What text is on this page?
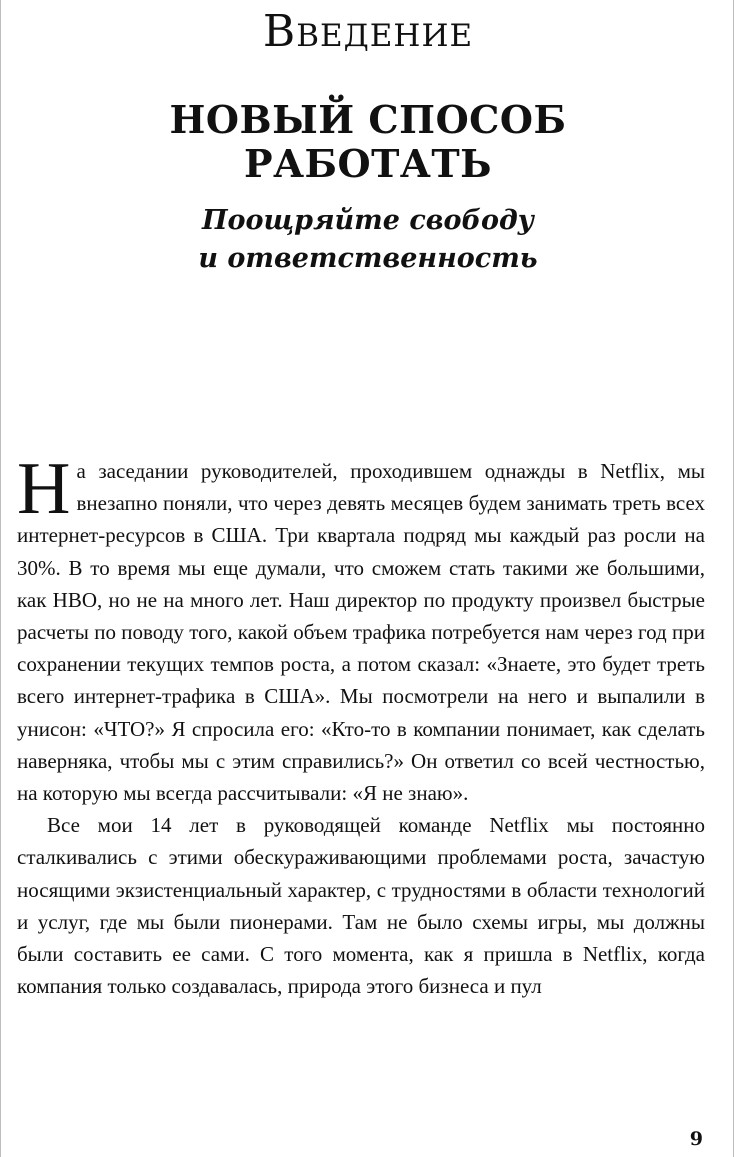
Введение
НОВЫЙ СПОСОБ
РАБОТАТЬ
Поощряйте свободу
и ответственность

На заседании руководителей, проходившем однажды в Netflix, мы внезапно поняли, что через девять месяцев будем занимать треть всех интернет-ресурсов в США. Три квартала подряд мы каждый раз росли на 30%. В то время мы еще думали, что сможем стать такими же большими, как HBO, но не на много лет. Наш директор по продукту произвел быстрые расчеты по поводу того, какой объем трафика потребуется нам через год при сохранении текущих темпов роста, а потом сказал: «Знаете, это будет треть всего интернет-трафика в США». Мы посмотрели на него и выпалили в унисон: «ЧТО?» Я спросила его: «Кто-то в компании понимает, как сделать наверняка, чтобы мы с этим справились?» Он ответил со всей честностью, на которую мы всегда рассчитывали: «Я не знаю».

Все мои 14 лет в руководящей команде Netflix мы постоянно сталкивались с этими обескураживающими проблемами роста, зачастую носящими экзистенциальный характер, с трудностями в области технологий и услуг, где мы были пионерами. Там не было схемы игры, мы должны были составить ее сами. С того момента, как я пришла в Netflix, когда компания только создавалась, природа этого бизнеса и пул

9
